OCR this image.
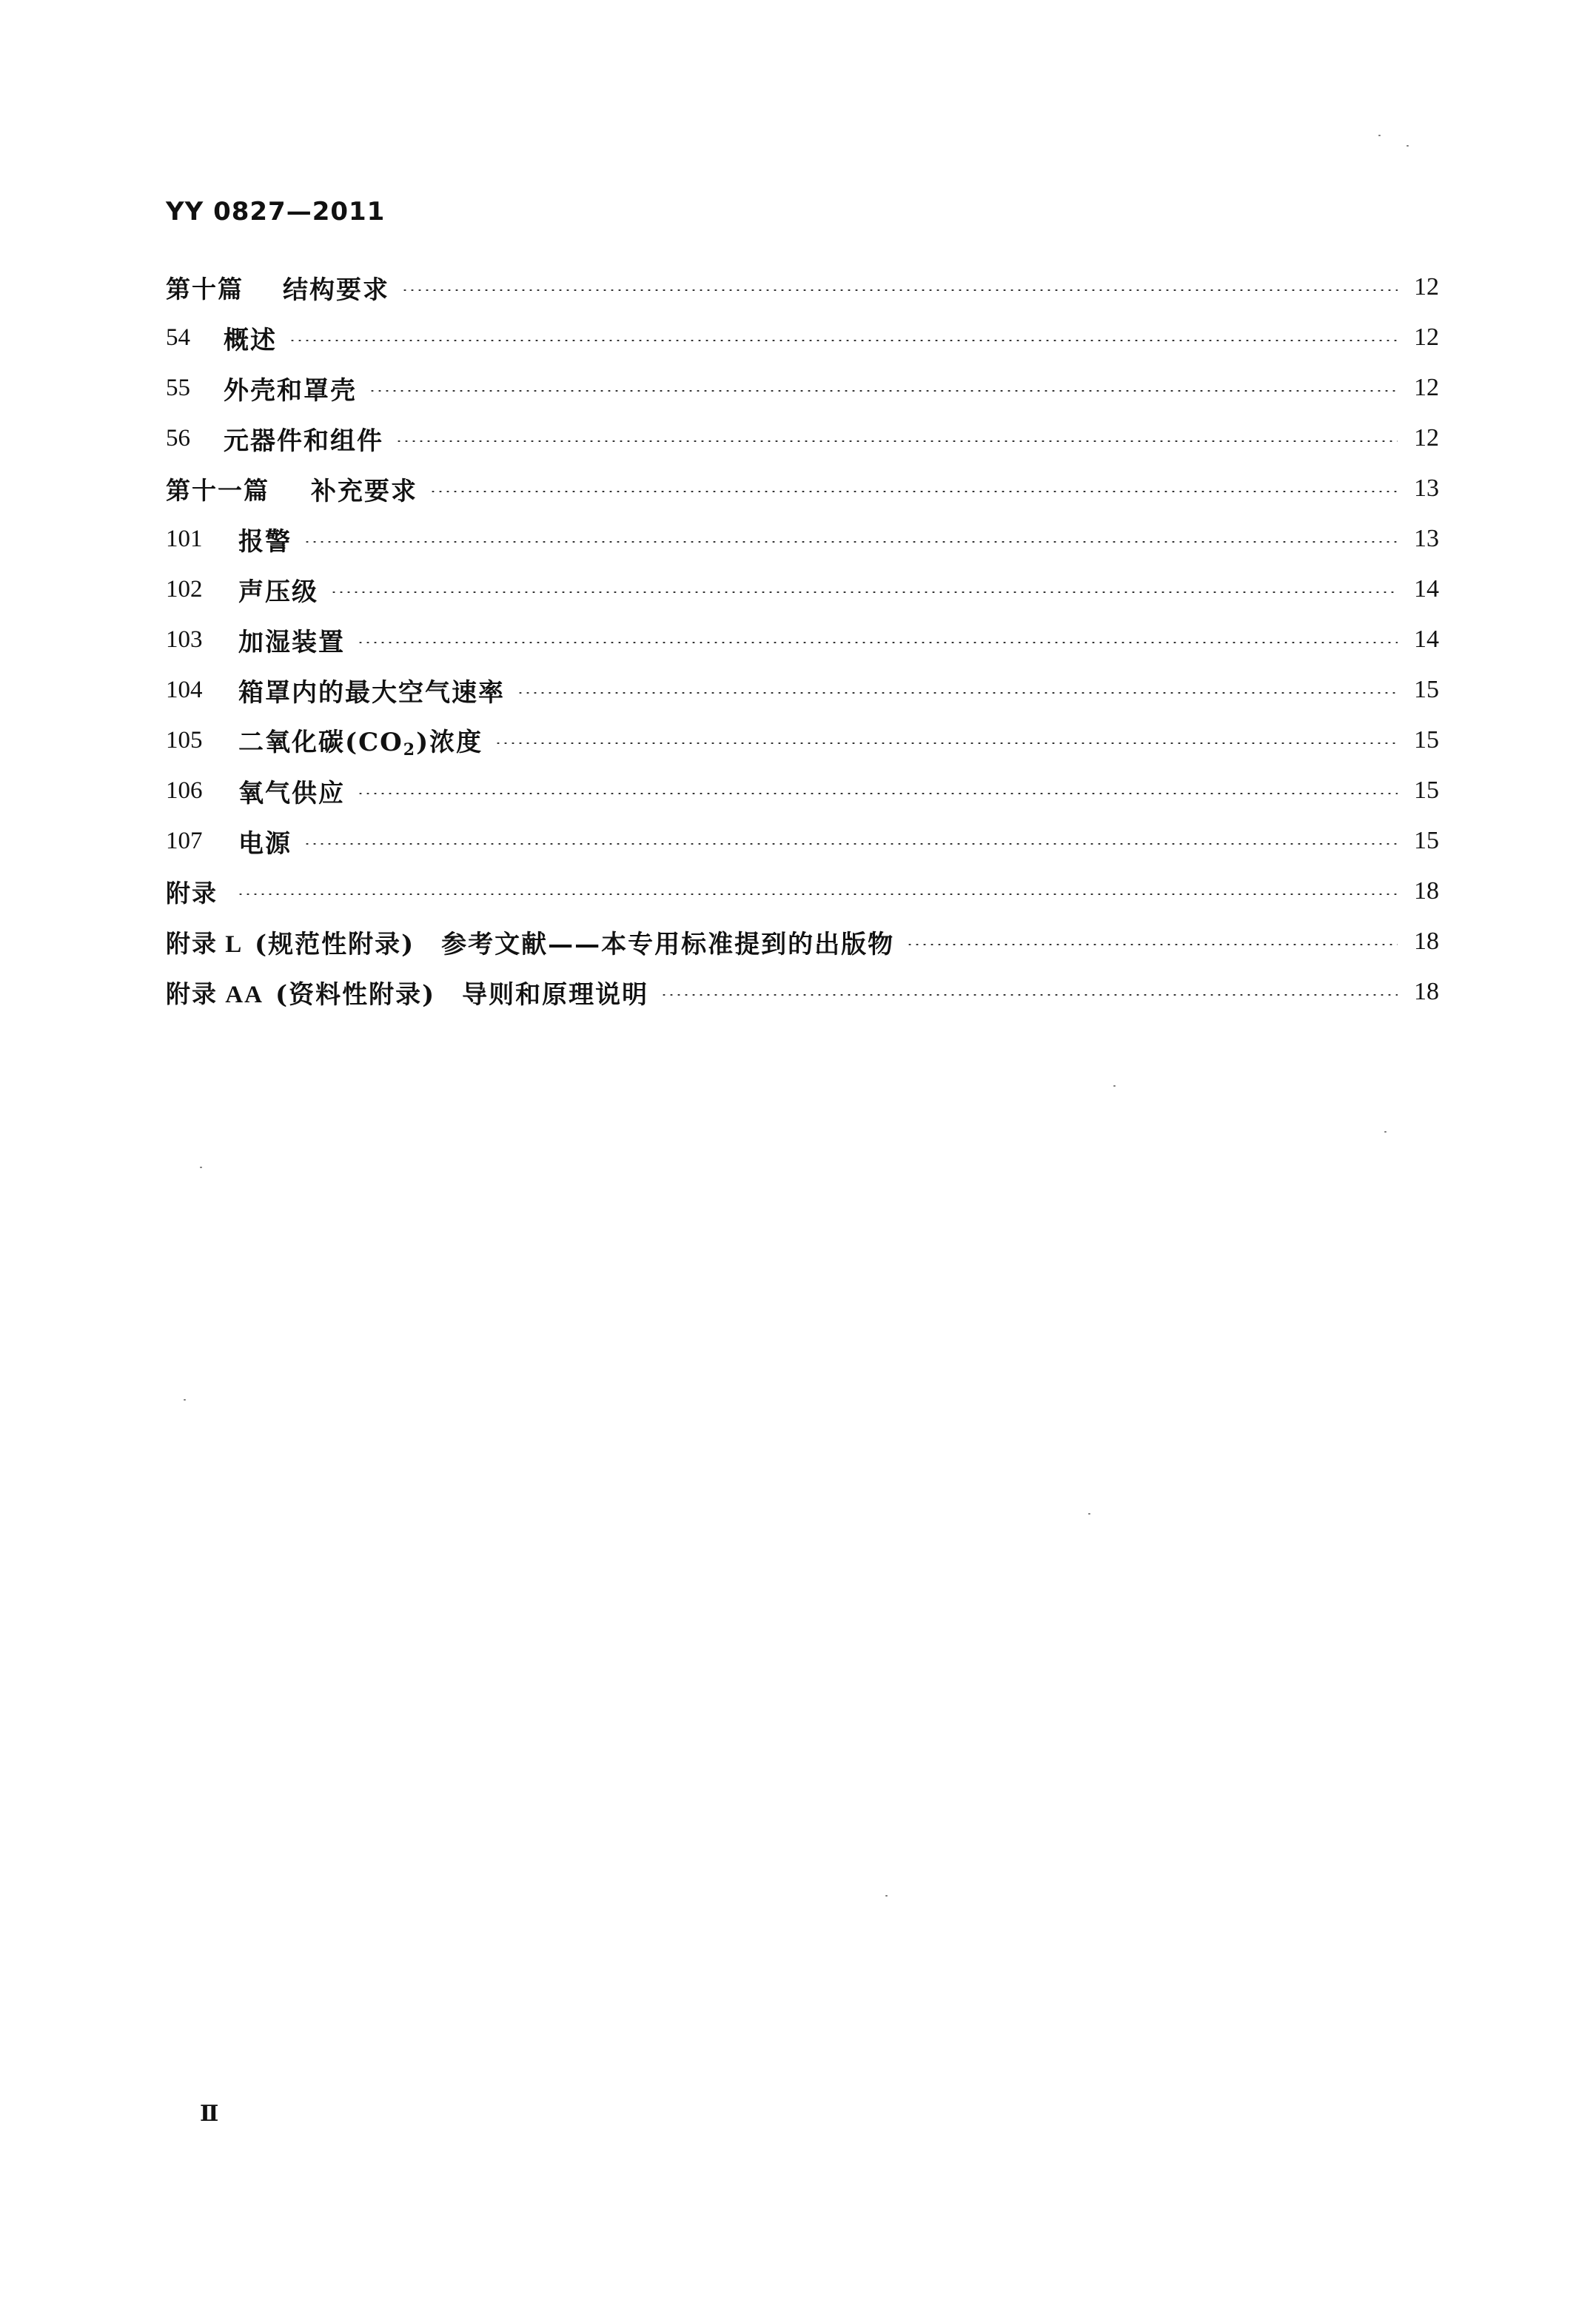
YY 0827—2011
第十篇	结构要求	12
54	概述	12
55	外壳和罩壳	12
56	元器件和组件	12
第十一篇	补充要求	13
101	报警	13
102	声压级	14
103	加湿装置	14
104	箱罩内的最大空气速率	15
105	二氧化碳$(CO_2)$浓度	15
106	氧气供应	15
107	电源	15
附录	18
附录 L (规范性附录)　参考文献——本专用标准提到的出版物	18
附录 AA (资料性附录)　导则和原理说明	18
Ⅱ
